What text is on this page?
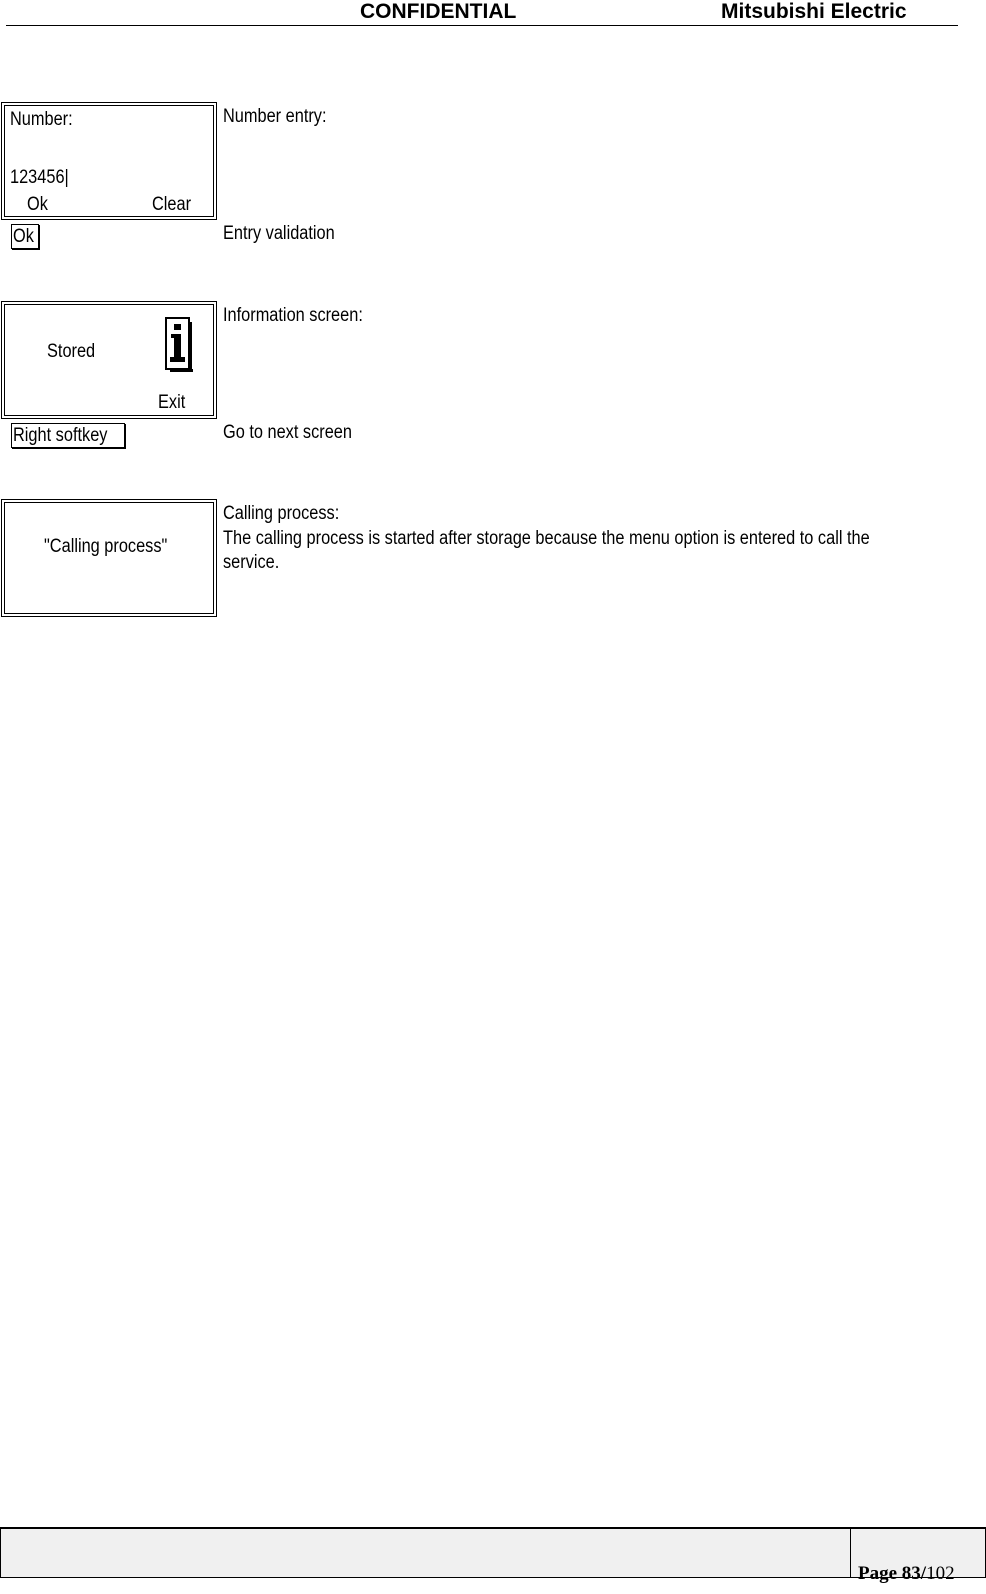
CONFIDENTIAL	Mitsubishi Electric
Number:
123456|
Ok	Clear
Number entry:
Ok	Entry validation
Stored
Exit
Information screen:
Right softkey	Go to next screen
"Calling process"
Calling process:
The calling process is started after storage because the menu option is entered to call the
service.
Page 83/102
